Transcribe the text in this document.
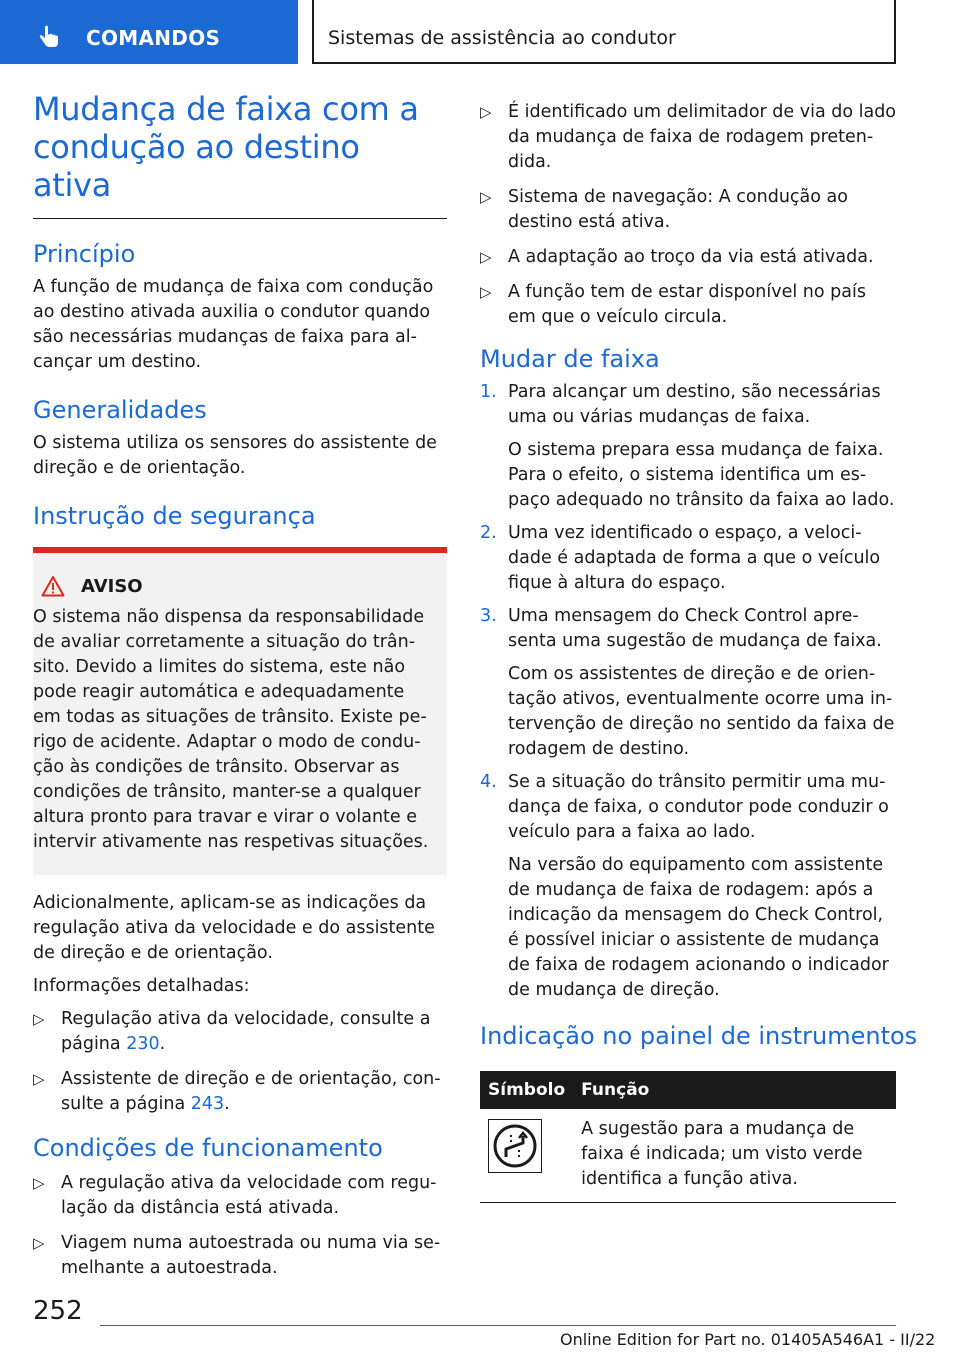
COMANDOS	Sistemas de assistência ao condutor
Mudança de faixa com a condução ao destino ativa
Princípio
A função de mudança de faixa com condução ao destino ativada auxilia o condutor quando são necessárias mudanças de faixa para alcançar um destino.
Generalidades
O sistema utiliza os sensores do assistente de direção e de orientação.
Instrução de segurança
AVISO
O sistema não dispensa da responsabilidade de avaliar corretamente a situação do trânsito. Devido a limites do sistema, este não pode reagir automática e adequadamente em todas as situações de trânsito. Existe perigo de acidente. Adaptar o modo de condução às condições de trânsito. Observar as condições de trânsito, manter-se a qualquer altura pronto para travar e virar o volante e intervir ativamente nas respetivas situações.
Adicionalmente, aplicam-se as indicações da regulação ativa da velocidade e do assistente de direção e de orientação.
Informações detalhadas:
▷ Regulação ativa da velocidade, consulte a página 230.
▷ Assistente de direção e de orientação, consulte a página 243.
Condições de funcionamento
▷ A regulação ativa da velocidade com regulação da distância está ativada.
▷ Viagem numa autoestrada ou numa via semelhante a autoestrada.
▷ É identificado um delimitador de via do lado da mudança de faixa de rodagem pretendida.
▷ Sistema de navegação: A condução ao destino está ativa.
▷ A adaptação ao troço da via está ativada.
▷ A função tem de estar disponível no país em que o veículo circula.
Mudar de faixa
1. Para alcançar um destino, são necessárias uma ou várias mudanças de faixa.
O sistema prepara essa mudança de faixa. Para o efeito, o sistema identifica um espaço adequado no trânsito da faixa ao lado.
2. Uma vez identificado o espaço, a velocidade é adaptada de forma a que o veículo fique à altura do espaço.
3. Uma mensagem do Check Control apresenta uma sugestão de mudança de faixa.
Com os assistentes de direção e de orientação ativos, eventualmente ocorre uma intervenção de direção no sentido da faixa de rodagem de destino.
4. Se a situação do trânsito permitir uma mudança de faixa, o condutor pode conduzir o veículo para a faixa ao lado.
Na versão do equipamento com assistente de mudança de faixa de rodagem: após a indicação da mensagem do Check Control, é possível iniciar o assistente de mudança de faixa de rodagem acionando o indicador de mudança de direção.
Indicação no painel de instrumentos
Símbolo	Função

	A sugestão para a mudança de faixa é indicada; um visto verde identifica a função ativa.
252
Online Edition for Part no. 01405A546A1 - II/22
